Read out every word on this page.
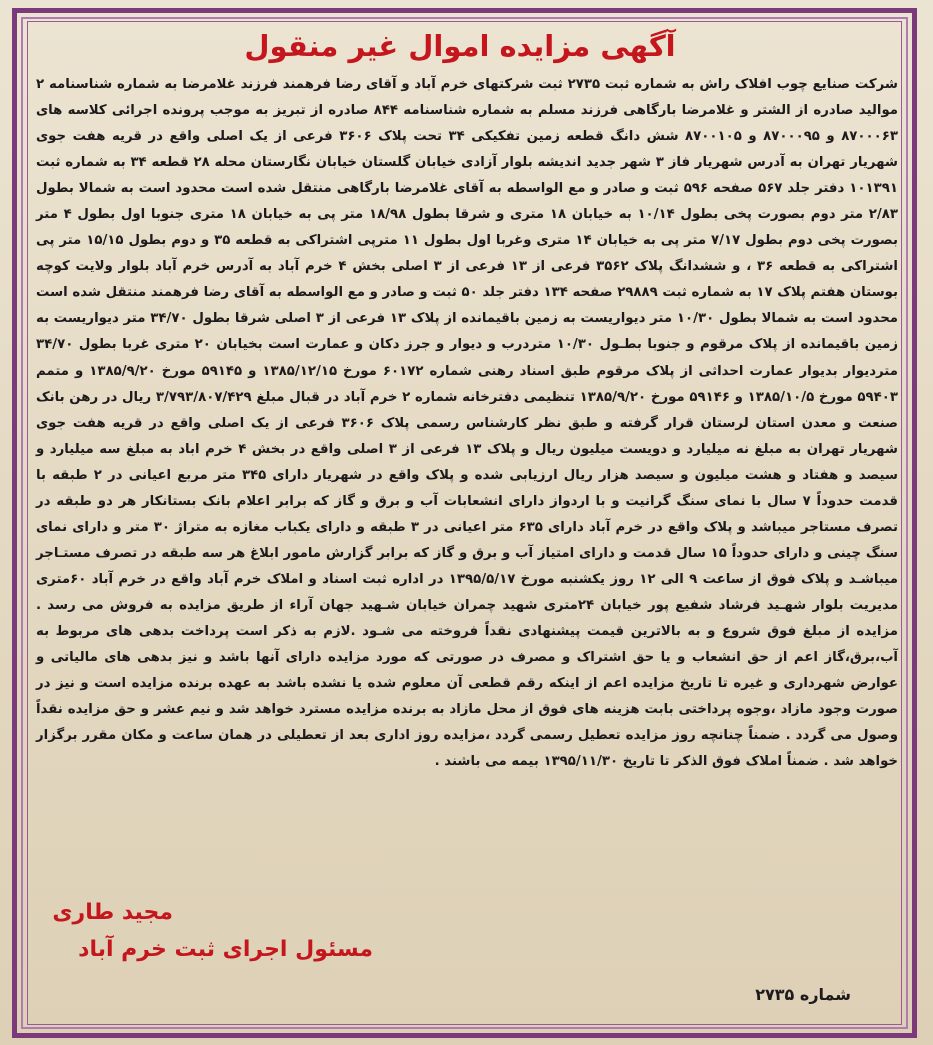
آگهی مزایده اموال غیر منقول
شرکت صنایع چوب افلاک راش به شماره ثبت ۲۷۳۵ ثبت شرکتهای خرم آباد و آقای رضا فرهمند فرزند غلامرضا به شماره شناسنامه ۲ موالید صادره از الشتر و غلامرضا بارگاهی فرزند مسلم به شماره شناسنامه ۸۴۴ صادره از تبریز به موجب پرونده اجرائی کلاسه های ۸۷۰۰۰۶۳ و ۸۷۰۰۰۹۵ و ۸۷۰۰۱۰۵ شش دانگ قطعه زمین تفکیکی ۳۴ تحت پلاک ۳۶۰۶ فرعی از یک اصلی واقع در قریه هفت جوی شهریار تهران به آدرس شهریار فاز ۳ شهر جدید اندیشه بلوار آزادی خیابان گلستان خیابان نگارستان محله ۲۸ قطعه ۳۴ به شماره ثبت ۱۰۱۳۹۱ دفتر جلد ۵۶۷ صفحه ۵۹۶ ثبت و صادر و مع الواسطه به آقای غلامرضا بارگاهی منتقل شده است محدود است به شمالا بطول ۲/۸۳ متر دوم بصورت پخی بطول ۱۰/۱۴ به خیابان ۱۸ متری و شرقا بطول ۱۸/۹۸ متر پی به خیابان ۱۸ متری جنوبا اول بطول ۴ متر بصورت پخی دوم بطول ۷/۱۷ متر پی به خیابان ۱۴ متری وغربا اول بطول ۱۱ مترپی اشتراکی به قطعه ۳۵ و دوم بطول ۱۵/۱۵ متر پی اشتراکی به قطعه ۳۶ ، و ششدانگ پلاک ۳۵۶۲ فرعی از ۱۳ فرعی از ۳ اصلی بخش ۴ خرم آباد به آدرس خرم آباد بلوار ولایت کوچه بوستان هفتم پلاک ۱۷ به شماره ثبت ۲۹۸۸۹ صفحه ۱۳۴ دفتر جلد ۵۰ ثبت و صادر و مع الواسطه به آقای رضا فرهمند منتقل شده است محدود است به شمالا بطول ۱۰/۳۰ متر دیواریست به زمین باقیمانده از پلاک ۱۳ فرعی از ۳ اصلی شرقا بطول ۳۴/۷۰ متر دیواریست به زمین باقیمانده از پلاک مرقوم و جنوبا بطـول ۱۰/۳۰ متردرب و دیوار و جرز دکان و عمارت است بخیابان ۲۰ متری غربا بطول ۳۴/۷۰ متردیوار بدیوار عمارت احداثی از پلاک مرقوم طبق اسناد رهنی شماره ۶۰۱۷۲ مورخ ۱۳۸۵/۱۲/۱۵ و ۵۹۱۴۵ مورخ ۱۳۸۵/۹/۲۰ و متمم ۵۹۴۰۳ مورخ ۱۳۸۵/۱۰/۵ و ۵۹۱۴۶ مورخ ۱۳۸۵/۹/۲۰ تنظیمی دفترخانه شماره ۲ خرم آباد در قبال مبلغ ۳/۷۹۳/۸۰۷/۴۲۹ ریال در رهن بانک صنعت و معدن استان لرستان قرار گرفته و طبق نظر کارشناس رسمی پلاک ۳۶۰۶ فرعی از یک اصلی واقع در قریه هفت جوی شهریار تهران به مبلغ نه میلیارد و دویست میلیون ریال و پلاک ۱۳ فرعی از ۳ اصلی واقع در بخش ۴ خرم اباد به مبلغ سه میلیارد و سیصد و هفتاد و هشت میلیون و سیصد هزار ریال ارزیابی شده و پلاک واقع در شهریار دارای ۳۴۵ متر مربع اعیانی در ۲ طبقه با قدمت حدوداً ۷ سال با نمای سنگ گرانیت و با اردواز دارای انشعابات آب و برق و گاز که برابر اعلام بانک بستانکار هر دو طبقه در تصرف مستاجر میباشد و پلاک واقع در خرم آباد دارای ۶۳۵ متر اعیانی در ۳ طبقه و دارای یکباب مغازه به متراژ ۳۰ متر و دارای نمای سنگ چینی و دارای حدوداً ۱۵ سال قدمت و دارای امتیاز آب و برق و گاز که برابر گزارش مامور ابلاغ هر سه طبقه در تصرف مستـاجر میباشـد و پلاک فوق از ساعت ۹ الی ۱۲ روز یکشنبه مورخ ۱۳۹۵/۵/۱۷ در اداره ثبت اسناد و املاک خرم آباد واقع در خرم آباد ۶۰متری مدیریت بلوار شهـید فرشاد شفیع پور خیابان ۲۴متری شهید چمران خیابان شـهید جهان آراء از طریق مزایده به فروش می رسد . مزایده از مبلغ فوق شروع و به بالاترین قیمت پیشنهادی نقداً فروخته می شـود .لازم به ذکر است پرداخت بدهی های مربوط به آب،برق،گاز اعم از حق انشعاب و یا حق اشتراک و مصرف در صورتی که مورد مزایده دارای آنها باشد و نیز بدهی های مالیاتی و عوارض شهرداری و غیره تا تاریخ مزایده اعم از اینکه رقم قطعی آن معلوم شده یا نشده باشد به عهده برنده مزایده است و نیز در صورت وجود مازاد ،وجوه پرداختی بابت هزینه های فوق از محل مازاد به برنده مزایده مسترد خواهد شد و نیم عشر و حق مزایده نقداً وصول می گردد . ضمناً چنانچه روز مزایده تعطیل رسمی گردد ،مزایده روز اداری بعد از تعطیلی در همان ساعت و مکان مقرر برگزار خواهد شد . ضمناً املاک فوق الذکر تا تاریخ ۱۳۹۵/۱۱/۳۰ بیمه می باشند .
مجید طاری
مسئول اجرای ثبت خرم آباد
شماره ۲۷۳۵
